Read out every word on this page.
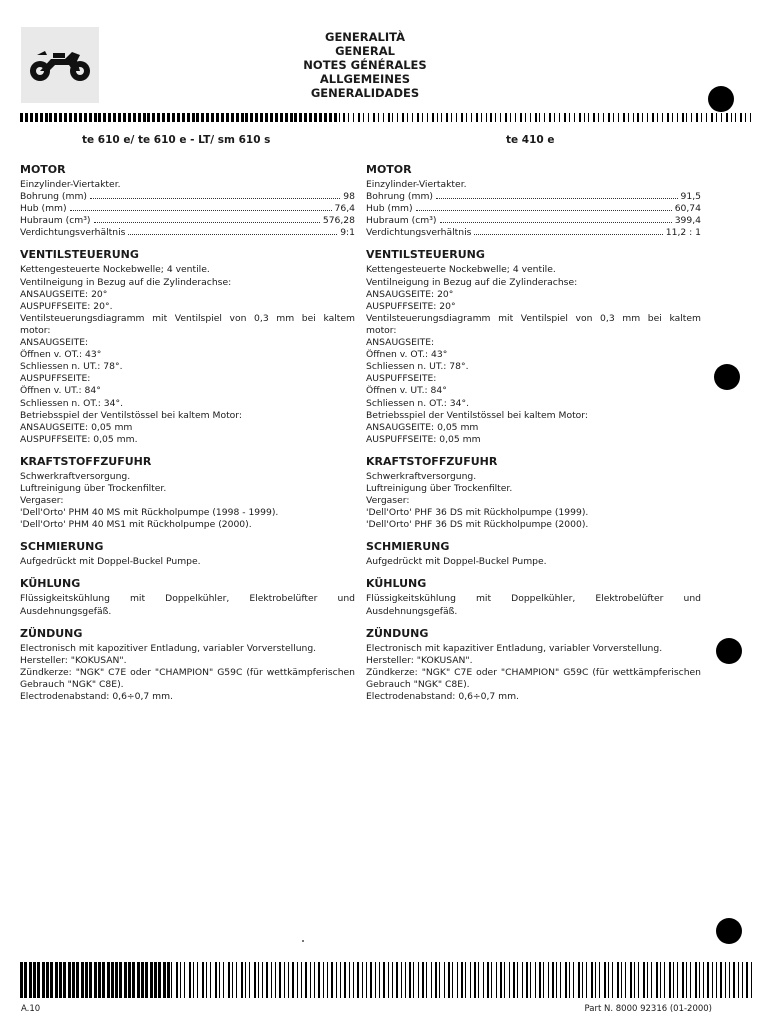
GENERALITÀ
GENERAL
NOTES GÉNÉRALES
ALLGEMEINES
GENERALIDADES
te 610 e/ te 610 e - LT/ sm 610 s	te 410 e
MOTOR
Einzylinder-Viertakter.
Bohrung (mm)	98
Hub (mm)	76,4
Hubraum (cm³)	576,28
Verdichtungsverhältnis	9:1
VENTILSTEUERUNG
Kettengesteuerte Nockebwelle; 4 ventile.
Ventilneigung in Bezug auf die Zylinderachse:
ANSAUGSEITE: 20°
AUSPUFFSEITE: 20°.
Ventilsteuerungsdiagramm mit Ventilspiel von 0,3 mm bei kaltem motor:
ANSAUGSEITE:
Öffnen v. OT.: 43°
Schliessen n. UT.: 78°.
AUSPUFFSEITE:
Öffnen v. UT.: 84°
Schliessen n. OT.: 34°.
Betriebsspiel der Ventilstössel bei kaltem Motor:
ANSAUGSEITE: 0,05 mm
AUSPUFFSEITE: 0,05 mm.
KRAFTSTOFFZUFUHR
Schwerkraftversorgung.
Luftreinigung über Trockenfilter.
Vergaser:
'Dell'Orto' PHM 40 MS mit Rückholpumpe (1998 - 1999).
'Dell'Orto' PHM 40 MS1 mit Rückholpumpe (2000).
SCHMIERUNG
Aufgedrückt mit Doppel-Buckel Pumpe.
KÜHLUNG
Flüssigkeitskühlung mit Doppelkühler, Elektrobelüfter und Ausdehnungsgefäß.
ZÜNDUNG
Electronisch mit kapozitiver Entladung, variabler Vorverstellung.
Hersteller: "KOKUSAN".
Zündkerze: "NGK" C7E oder "CHAMPION" G59C (für wettkämpferischen Gebrauch "NGK" C8E).
Electrodenabstand: 0,6÷0,7 mm.
MOTOR
Einzylinder-Viertakter.
Bohrung (mm)	91,5
Hub (mm)	60,74
Hubraum (cm³)	399,4
Verdichtungsverhältnis	11,2 : 1
VENTILSTEUERUNG
Kettengesteuerte Nockebwelle; 4 ventile.
Ventilneigung in Bezug auf die Zylinderachse:
ANSAUGSEITE: 20°
AUSPUFFSEITE: 20°
Ventilsteuerungsdiagramm mit Ventilspiel von 0,3 mm bei kaltem motor:
ANSAUGSEITE:
Öffnen v. OT.: 43°
Schliessen n. UT.: 78°.
AUSPUFFSEITE:
Öffnen v. UT.: 84°
Schliessen n. OT.: 34°.
Betriebsspiel der Ventilstössel bei kaltem Motor:
ANSAUGSEITE: 0,05 mm
AUSPUFFSEITE: 0,05 mm
KRAFTSTOFFZUFUHR
Schwerkraftversorgung.
Luftreinigung über Trockenfilter.
Vergaser:
'Dell'Orto' PHF 36 DS mit Rückholpumpe (1999).
'Dell'Orto' PHF 36 DS mit Rückholpumpe (2000).
SCHMIERUNG
Aufgedrückt mit Doppel-Buckel Pumpe.
KÜHLUNG
Flüssigkeitskühlung mit Doppelkühler, Elektrobelüfter und Ausdehnungsgefäß.
ZÜNDUNG
Electronisch mit kapazitiver Entladung, variabler Vorverstellung.
Hersteller: "KOKUSAN".
Zündkerze: "NGK" C7E oder "CHAMPION" G59C (für wettkämpferischen Gebrauch "NGK" C8E).
Electrodenabstand: 0,6÷0,7 mm.
A.10	Part N. 8000 92316 (01-2000)
